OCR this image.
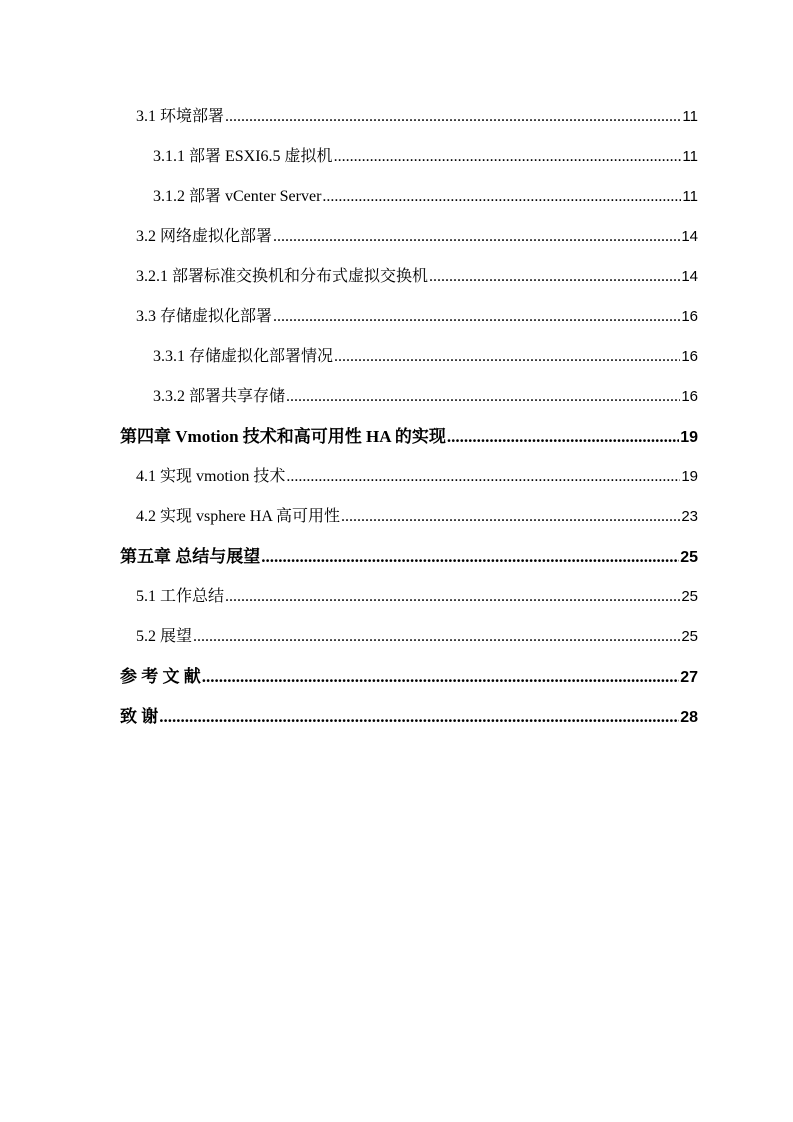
3.1 环境部署 .....	11
3.1.1 部署 ESXI6.5 虚拟机 .....	11
3.1.2 部署 vCenter Server .....	11
3.2 网络虚拟化部署 .....	14
3.2.1 部署标准交换机和分布式虚拟交换机 .....	14
3.3 存储虚拟化部署 .....	16
3.3.1 存储虚拟化部署情况 .....	16
3.3.2 部署共享存储 .....	16
第四章 Vmotion 技术和高可用性 HA 的实现 .....	19
4.1 实现 vmotion 技术 .....	19
4.2 实现 vsphere HA 高可用性 .....	23
第五章 总结与展望 .....	25
5.1 工作总结 .....	25
5.2 展望 .....	25
参 考 文 献 .....	27
致 谢 .....	28
